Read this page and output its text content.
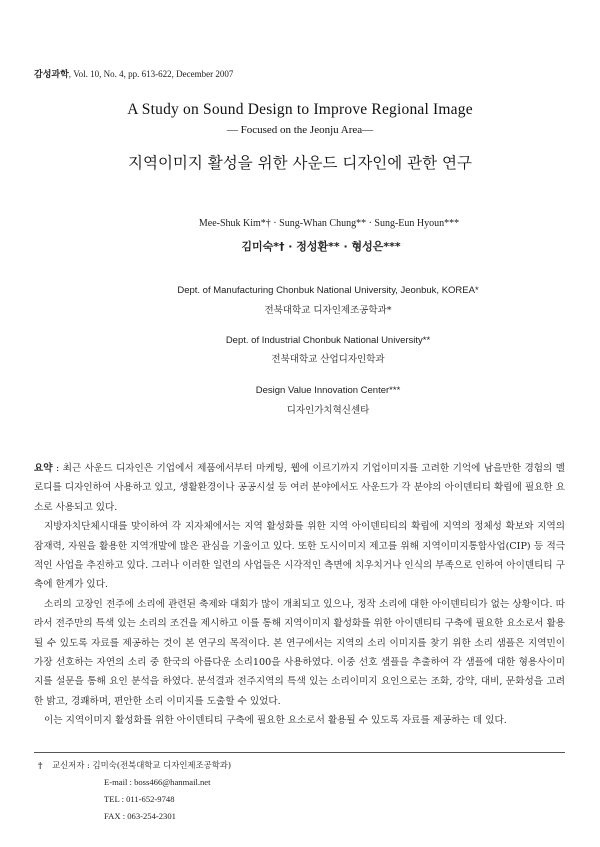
감성과학, Vol. 10, No. 4, pp. 613-622, December 2007
A Study on Sound Design to Improve Regional Image
— Focused on the Jeonju Area—
지역이미지 활성을 위한 사운드 디자인에 관한 연구
Mee-Shuk Kim*† · Sung-Whan Chung** · Sung-Eun Hyoun***
김미숙*† · 정성환** · 형성은***
Dept. of Manufacturing Chonbuk National University, Jeonbuk, KOREA*
전북대학교 디자인제조공학과*
Dept. of Industrial Chonbuk National University**
전북대학교 산업디자인학과
Design Value Innovation Center***
디자인가치혁신센타

요약 : 최근 사운드 디자인은 기업에서 제품에서부터 마케팅, 웹에 이르기까지 기업이미지를 고려한 기억에 남을만한 경험의 멜로디를 디자인하여 사용하고 있고, 생활환경이나 공공시설 등 여러 분야에서도 사운드가 각 분야의 아이덴티티 확립에 필요한 요소로 사용되고 있다.

지방자치단체시대를 맞이하여 각 지자체에서는 지역 활성화를 위한 지역 아이덴티티의 확립에 지역의 정체성 확보와 지역의 잠재력, 자원을 활용한 지역개발에 많은 관심을 기울이고 있다. 또한 도시이미지 제고를 위해 지역이미지통합사업(CIP) 등 적극적인 사업을 추진하고 있다. 그러나 이러한 일련의 사업들은 시각적인 측면에 치우치거나 인식의 부족으로 인하여 아이덴티티 구축에 한계가 있다.

소리의 고장인 전주에 소리에 관련된 축제와 대회가 많이 개최되고 있으나, 정작 소리에 대한 아이덴티티가 없는 상황이다. 따라서 전주만의 특색 있는 소리의 조건을 제시하고 이를 통해 지역이미지 활성화를 위한 아이덴티티 구축에 필요한 요소로서 활용될 수 있도록 자료를 제공하는 것이 본 연구의 목적이다. 본 연구에서는 지역의 소리 이미지를 찾기 위한 소리 샘플은 지역민이 가장 선호하는 자연의 소리 중 한국의 아름다운 소리100을 사용하였다. 이중 선호 샘플을 추출하여 각 샘플에 대한 형용사이미지를 설문을 통해 요인 분석을 하였다. 분석결과 전주지역의 특색 있는 소리이미지 요인으로는 조화, 강약, 대비, 문화성을 고려한 밝고, 경쾌하며, 편안한 소리 이미지를 도출할 수 있었다.

이는 지역이미지 활성화를 위한 아이덴티티 구축에 필요한 요소로서 활용될 수 있도록 자료를 제공하는 데 있다.

† 교신저자 : 김미숙(전북대학교 디자인제조공학과)
E-mail : boss466@hanmail.net
TEL : 011-652-9748
FAX : 063-254-2301
